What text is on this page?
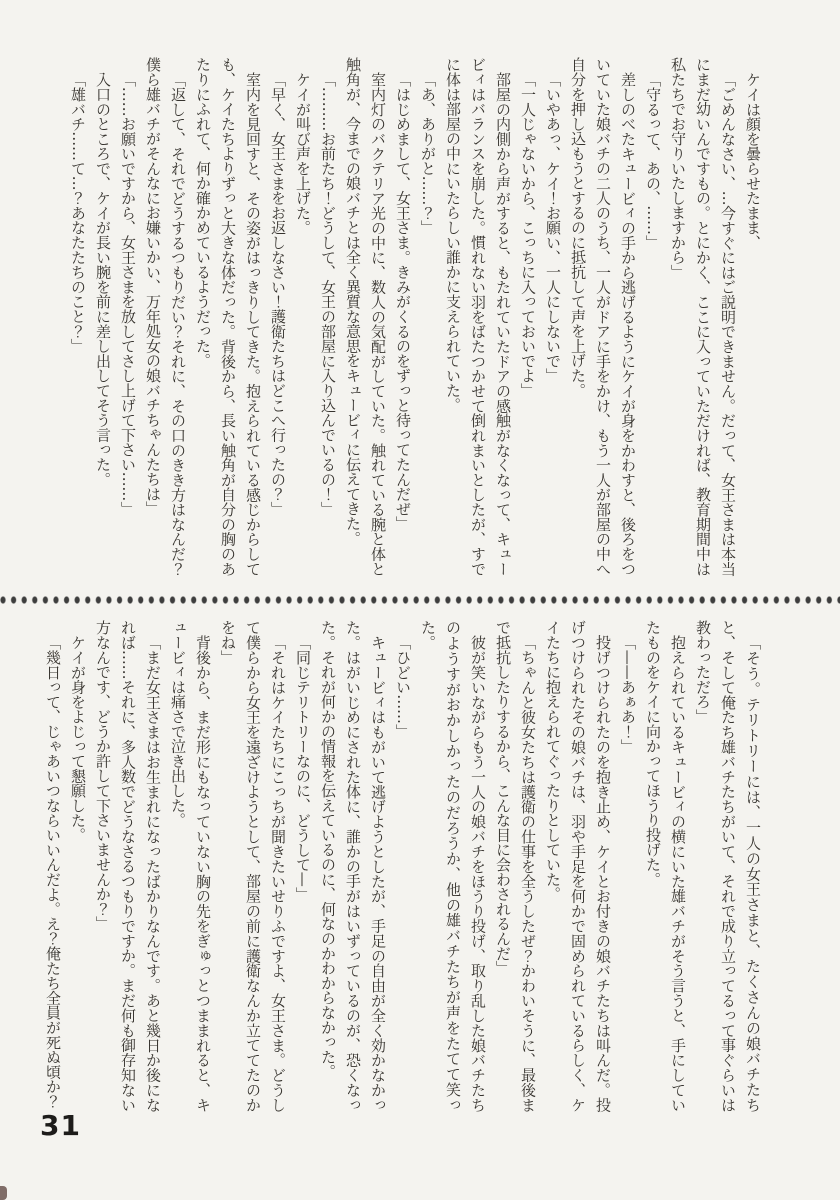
ケイは顔を曇らせたまま、

「ごめんなさい、…今すぐにはご説明できません。だって、女王さまは本当にまだ幼いんですもの。とにかく、ここに入っていただければ、教育期間中は私たちでお守りいたしますから」

「守るって、あの、……」

差しのべたキュービィの手から逃げるようにケイが身をかわすと、後ろをついていた娘バチの二人のうち、一人がドアに手をかけ、もう一人が部屋の中へ自分を押し込もうとするのに抵抗して声を上げた。

「いやあっ、ケイ！お願い、一人にしないで」

「一人じゃないから、こっちに入っておいでよ」

部屋の内側から声がすると、もたれていたドアの感触がなくなって、キュービィはバランスを崩した。慣れない羽をばたつかせて倒れまいとしたが、すでに体は部屋の中にいたらしい誰かに支えられていた。

「あ、ありがと……？」

「はじめまして、女王さま。きみがくるのをずっと待ってたんだぜ」

室内灯のバクテリア光の中に、数人の気配がしていた。触れている腕と体と触角が、今までの娘バチとは全く異質な意思をキュービィに伝えてきた。

「………お前たち！どうして、女王の部屋に入り込んでいるの！」

ケイが叫び声を上げた。

「早く、女王さまをお返しなさい！護衛たちはどこへ行ったの？」

室内を見回すと、その姿がはっきりしてきた。抱えられている感じからしても、ケイたちよりずっと大きな体だった。背後から、長い触角が自分の胸のあたりにふれて、何か確かめているようだった。

「返して、それでどうするつもりだい？それに、その口のきき方はなんだ？僕ら雄バチがそんなにお嫌いかい、万年処女の娘バチちゃんたちは」

「……お願いですから、女王さまを放してさし上げて下さい……」

入口のところで、ケイが長い腕を前に差し出してそう言った。

「雄バチ……て…？あなたたちのこと？」

「そう。テリトリーには、一人の女王さまと、たくさんの娘バチたちと、そして俺たち雄バチたちがいて、それで成り立ってるって事ぐらいは教わっただろ」

抱えられているキュービィの横にいた雄バチがそう言うと、手にしていたものをケイに向かってほうり投げた。

「——あぁあ！」

投げつけられたのを抱き止め、ケイとお付きの娘バチたちは叫んだ。投げつけられたその娘バチは、羽や手足を何かで固められているらしく、ケイたちに抱えられてぐったりとしていた。

「ちゃんと彼女たちは護衛の仕事を全うしたぜ？かわいそうに、最後まで抵抗したりするから、こんな目に会わされるんだ」

彼が笑いながらもう一人の娘バチをほうり投げ、取り乱した娘バチたちのようすがおかしかったのだろうか、他の雄バチたちが声をたてて笑った。

「ひどい……」

キュービィはもがいて逃げようとしたが、手足の自由が全く効かなかった。はがいじめにされた体に、誰かの手がはいずっているのが、恐くなった。それが何かの情報を伝えているのに、何なのかわからなかった。

「同じテリトリーなのに、どうして—」

「それはケイたちにこっちが聞きたいせりふですよ、女王さま。どうして僕らから女王を遠ざけようとして、部屋の前に護衛なんか立ててたのかをね」

背後から、まだ形にもなっていない胸の先をぎゅっとつままれると、キュービィは痛さで泣き出した。

「まだ女王さまはお生まれになったばかりなんです。あと幾日か後になれば……それに、多人数でどうなさるつもりですか。まだ何も御存知ない方なんです、どうか許して下さいませんか？」

ケイが身をよじって懇願した。

「幾日って、じゃあいつならいいんだよ。え？俺たち全員が死ぬ頃か？

31
